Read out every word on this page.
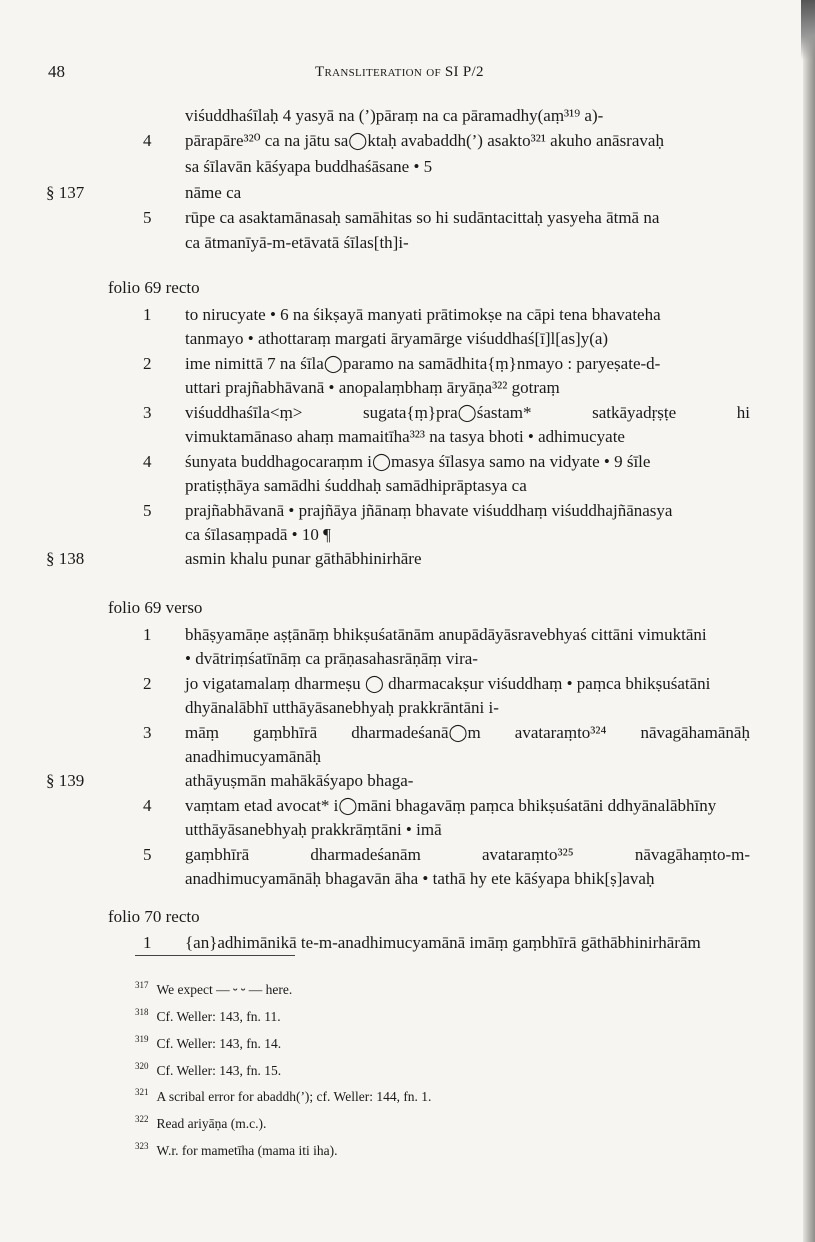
48	Transliteration of SI P/2
viśuddhaśīlaḥ 4 yasyā na (’)pāraṃ na ca pāramadhy(aṃ³¹⁹ a)-
4 pārapāre³²⁰ ca na jātu sa◯ktaḥ avabaddh(’) asakto³²¹ akuho anāsravaḥ
sa śīlavān kāśyapa buddhaśāsane • 5
§ 137	nāme ca
5 rūpe ca asaktamānasaḥ samāhitas so hi sudāntacittaḥ yasyeha ātmā na
ca ātmanīyā-m-etāvatā śīlas[th]i-
folio 69 recto
1 to nirucyate • 6 na śikṣayā manyati prātimokṣe na cāpi tena bhavateha
tanmayo • athottaraṃ margati āryamārge viśuddhaś[ī]l[as]y(a)
2 ime nimittā 7 na śīla◯paramo na samādhita{ṃ}nmayo : paryeṣate-d-
uttari prajñabhāvanā • anopalaṃbhaṃ āryāṇa³²² gotraṃ
3 viśuddhaśīla<ṃ>	sugata{ṃ}pra◯śastam*	satkāyadṛṣṭe	hi
vimuktamānaso ahaṃ mamaitīha³²³ na tasya bhoti • adhimucyate
4 śunyata buddhagocaraṃm i◯masya śīlasya samo na vidyate • 9 śīle
pratiṣṭhāya samādhi śuddhaḥ samādhiprāptasya ca
5 prajñabhāvanā • prajñāya jñānaṃ bhavate viśuddhaṃ viśuddhajñānasya
ca śīlasaṃpadā • 10 ¶
§ 138	asmin khalu punar gāthābhinirhāre
folio 69 verso
1 bhāṣyamāṇe aṣṭānāṃ bhikṣuśatānām anupādāyāsravebhyaś cittāni vimuktāni
• dvātriṃśatīnāṃ ca prāṇasahasrāṇāṃ vira-
2 jo vigatamalaṃ dharmeṣu ◯ dharmacakṣur viśuddhaṃ • paṃca bhikṣuśatāni
dhyānalābhī utthāyāsanebhyaḥ prakkrāntāni i-
3 māṃ gaṃbhīrā dharmadeśanā◯m avataraṃto³²⁴ nāvagāhamānāḥ
anadhimucyamānāḥ
§ 139	athāyuṣmān mahākāśyapo bhaga-
4 vaṃtam etad avocat* i◯māni bhagavāṃ paṃca bhikṣuśatāni ddhyānalābhīny
utthāyāsanebhyaḥ prakkrāṃtāni • imā
5 gaṃbhīrā	dharmadeśanām	avataraṃto³²⁵	nāvagāhaṃto-m-
anadhimucyamānāḥ bhagavān āha • tathā hy ete kāśyapa bhik[ṣ]avaḥ
folio 70 recto
1 {an}adhimānikā te-m-anadhimucyamānā imāṃ gaṃbhīrā gāthābhinirhārām
$^{317}$ We expect — ⏑ ⏑ — here.
$^{318}$ Cf. Weller: 143, fn. 11.
$^{319}$ Cf. Weller: 143, fn. 14.
$^{320}$ Cf. Weller: 143, fn. 15.
$^{321}$ A scribal error for abaddh(’); cf. Weller: 144, fn. 1.
$^{322}$ Read ariyāṇa (m.c.).
$^{323}$ W.r. for mametīha (mama iti iha).
